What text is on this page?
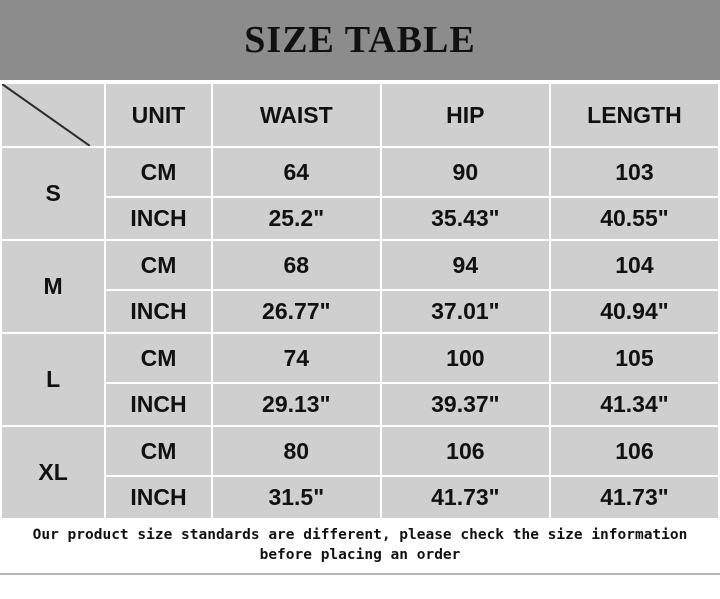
SIZE TABLE
	UNIT	WAIST	HIP	LENGTH
S	CM	64	90	103
	INCH	25.2"	35.43"	40.55"
M	CM	68	94	104
	INCH	26.77"	37.01"	40.94"
L	CM	74	100	105
	INCH	29.13"	39.37"	41.34"
XL	CM	80	106	106
	INCH	31.5"	41.73"	41.73"
Our product size standards are different, please check the size information before placing an order
